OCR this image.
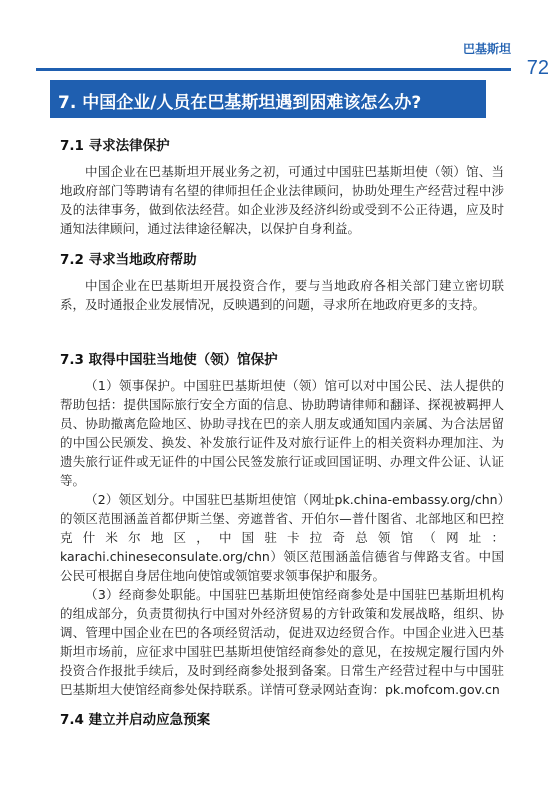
巴基斯坦
72
7. 中国企业/人员在巴基斯坦遇到困难该怎么办?
7.1 寻求法律保护

中国企业在巴基斯坦开展业务之初，可通过中国驻巴基斯坦使（领）馆、当地政府部门等聘请有名望的律师担任企业法律顾问，协助处理生产经营过程中涉及的法律事务，做到依法经营。如企业涉及经济纠纷或受到不公正待遇，应及时通知法律顾问，通过法律途径解决，以保护自身利益。

7.2 寻求当地政府帮助

中国企业在巴基斯坦开展投资合作，要与当地政府各相关部门建立密切联系，及时通报企业发展情况，反映遇到的问题，寻求所在地政府更多的支持。

7.3 取得中国驻当地使（领）馆保护

（1）领事保护。中国驻巴基斯坦使（领）馆可以对中国公民、法人提供的帮助包括：提供国际旅行安全方面的信息、协助聘请律师和翻译、探视被羁押人员、协助撤离危险地区、协助寻找在巴的亲人朋友或通知国内亲属、为合法居留的中国公民颁发、换发、补发旅行证件及对旅行证件上的相关资料办理加注、为遗失旅行证件或无证件的中国公民签发旅行证或回国证明、办理文件公证、认证等。

（2）领区划分。中国驻巴基斯坦使馆（网址pk.china-embassy.org/chn）的领区范围涵盖首都伊斯兰堡、旁遮普省、开伯尔—普什图省、北部地区和巴控克什米尔地区，中国驻卡拉奇总领馆（网址：karachi.chineseconsulate.org/chn）领区范围涵盖信德省与俾路支省。中国公民可根据自身居住地向使馆或领馆要求领事保护和服务。

（3）经商参处职能。中国驻巴基斯坦使馆经商参处是中国驻巴基斯坦机构的组成部分，负责贯彻执行中国对外经济贸易的方针政策和发展战略，组织、协调、管理中国企业在巴的各项经贸活动，促进双边经贸合作。中国企业进入巴基斯坦市场前，应征求中国驻巴基斯坦使馆经商参处的意见，在按规定履行国内外投资合作报批手续后，及时到经商参处报到备案。日常生产经营过程中与中国驻巴基斯坦大使馆经商参处保持联系。详情可登录网站查询：pk.mofcom.gov.cn

7.4 建立并启动应急预案
